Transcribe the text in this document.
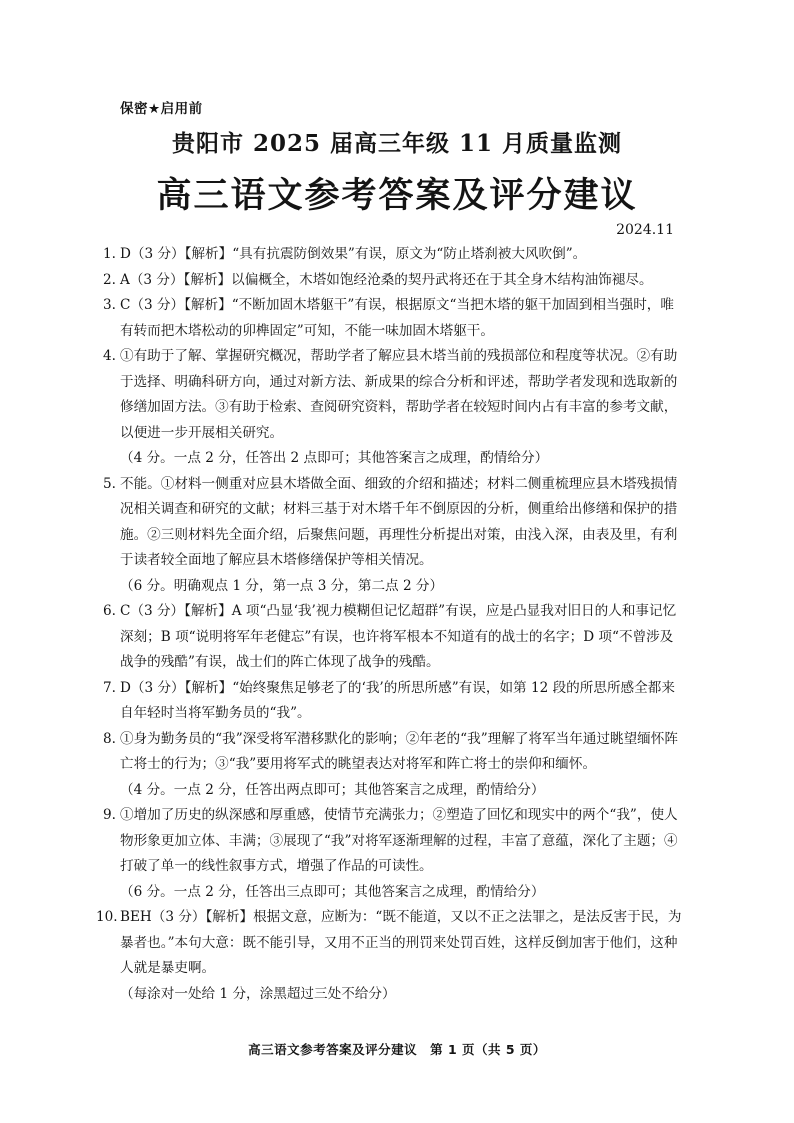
保密★启用前
贵阳市 2025 届高三年级 11 月质量监测
高三语文参考答案及评分建议
2024.11
1. D（3 分）【解析】“具有抗震防倒效果”有误，原文为“防止塔刹被大风吹倒”。
2. A（3 分）【解析】以偏概全，木塔如饱经沧桑的契丹武将还在于其全身木结构油饰褪尽。
3. C（3 分）【解析】“不断加固木塔躯干”有误，根据原文“当把木塔的躯干加固到相当强时，唯有转而把木塔松动的卯榫固定”可知，不能一味加固木塔躯干。
4. ①有助于了解、掌握研究概况，帮助学者了解应县木塔当前的残损部位和程度等状况。②有助于选择、明确科研方向，通过对新方法、新成果的综合分析和评述，帮助学者发现和选取新的修缮加固方法。③有助于检索、查阅研究资料，帮助学者在较短时间内占有丰富的参考文献，以便进一步开展相关研究。
（4 分。一点 2 分，任答出 2 点即可；其他答案言之成理，酌情给分）
5. 不能。①材料一侧重对应县木塔做全面、细致的介绍和描述；材料二侧重梳理应县木塔残损情况相关调查和研究的文献；材料三基于对木塔千年不倒原因的分析，侧重给出修缮和保护的措施。②三则材料先全面介绍，后聚焦问题，再理性分析提出对策，由浅入深，由表及里，有利于读者较全面地了解应县木塔修缮保护等相关情况。
（6 分。明确观点 1 分，第一点 3 分，第二点 2 分）
6. C（3 分）【解析】A 项“凸显‘我’视力模糊但记忆超群”有误，应是凸显我对旧日的人和事记忆深刻；B 项“说明将军年老健忘”有误，也许将军根本不知道有的战士的名字；D 项“不曾涉及战争的残酷”有误，战士们的阵亡体现了战争的残酷。
7. D（3 分）【解析】“始终聚焦足够老了的‘我’的所思所感”有误，如第 12 段的所思所感全都来自年轻时当将军勤务员的“我”。
8. ①身为勤务员的“我”深受将军潜移默化的影响；②年老的“我”理解了将军当年通过眺望缅怀阵亡将士的行为；③“我”要用将军式的眺望表达对将军和阵亡将士的崇仰和缅怀。
（4 分。一点 2 分，任答出两点即可；其他答案言之成理，酌情给分）
9. ①增加了历史的纵深感和厚重感，使情节充满张力；②塑造了回忆和现实中的两个“我”，使人物形象更加立体、丰满；③展现了“我”对将军逐渐理解的过程，丰富了意蕴，深化了主题；④打破了单一的线性叙事方式，增强了作品的可读性。
（6 分。一点 2 分，任答出三点即可；其他答案言之成理，酌情给分）
10. BEH（3 分）【解析】根据文意，应断为：“既不能道，又以不正之法罪之，是法反害于民，为暴者也。”本句大意：既不能引导，又用不正当的刑罚来处罚百姓，这样反倒加害于他们，这种人就是暴吏啊。
（每涂对一处给 1 分，涂黑超过三处不给分）
高三语文参考答案及评分建议　第 1 页（共 5 页）
